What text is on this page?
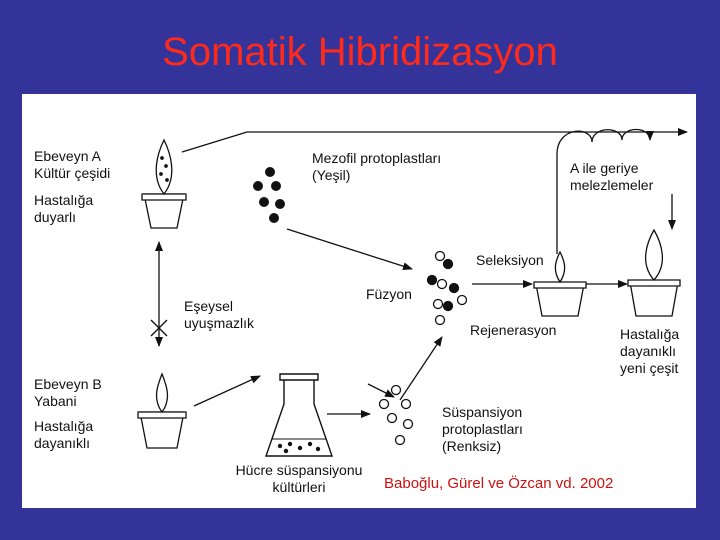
Somatik Hibridizasyon
Ebeveyn A
Kültür çeşidi
Hastalığa
duyarlı
Mezofil protoplastları
(Yeşil)	A ile geriye
melezlemeler
Eşeysel
uyuşmazlık
Seleksiyon
Füzyon
Rejenerasyon	Hastalığa
dayanıklı
yeni çeşit
Ebeveyn B
Yabani
Hastalığa
dayanıklı
Süspansiyon
protoplastları
(Renksiz)
Hücre süspansiyonu
kültürleri	Baboğlu, Gürel ve Özcan vd. 2002
